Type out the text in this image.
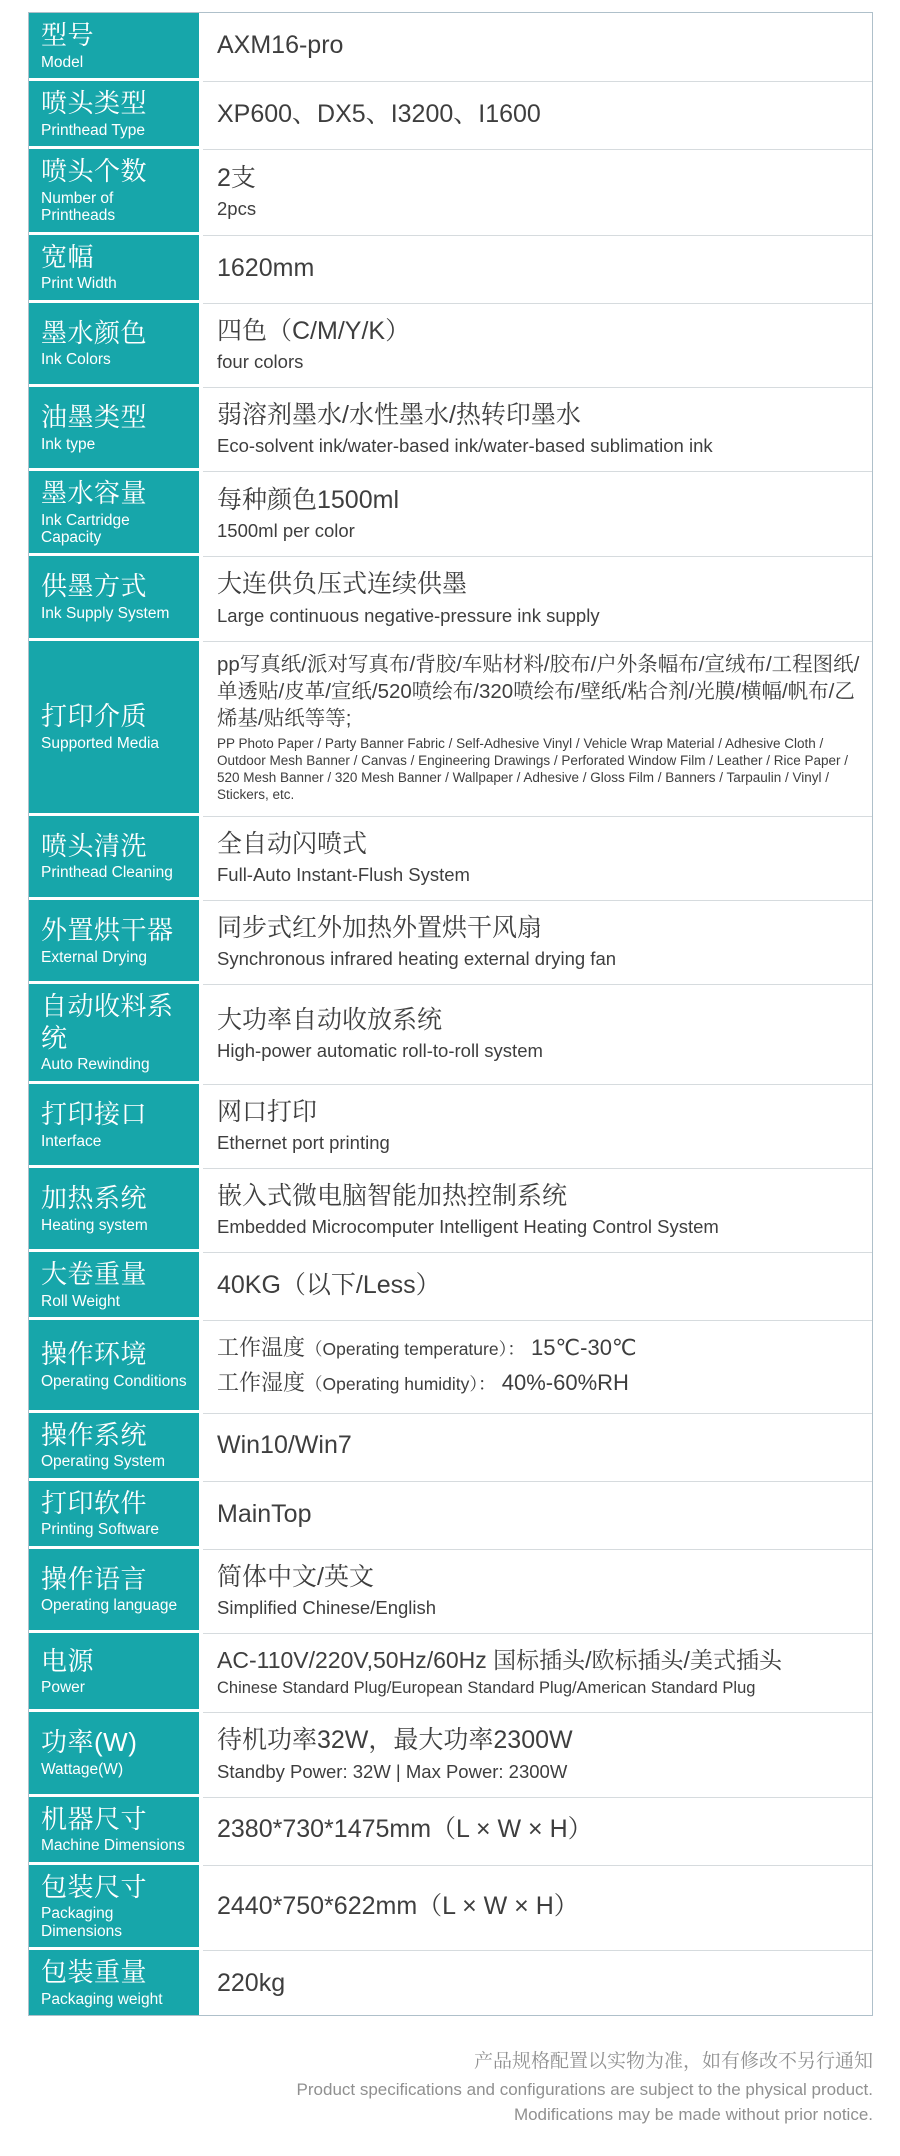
型号
Model
AXM16-pro
喷头类型
Printhead Type
XP600、DX5、I3200、I1600
喷头个数
Number of Printheads
2支
2pcs
宽幅
Print Width
1620mm
墨水颜色
Ink Colors
四色（C/M/Y/K）
four colors
油墨类型
Ink type
弱溶剂墨水/水性墨水/热转印墨水
Eco-solvent ink/water-based ink/water-based sublimation ink
墨水容量
Ink Cartridge Capacity
每种颜色1500ml
1500ml per color
供墨方式
Ink Supply System
大连供负压式连续供墨
Large continuous negative-pressure ink supply
打印介质
Supported Media
pp写真纸/派对写真布/背胶/车贴材料/胶布/户外条幅布/宣绒布/工程图纸/单透贴/皮革/宣纸/520喷绘布/320喷绘布/壁纸/粘合剂/光膜/横幅/帆布/乙烯基/贴纸等等;
PP Photo Paper / Party Banner Fabric / Self-Adhesive Vinyl / Vehicle Wrap Material / Adhesive Cloth / Outdoor Mesh Banner / Canvas / Engineering Drawings / Perforated Window Film / Leather / Rice Paper / 520 Mesh Banner / 320 Mesh Banner / Wallpaper / Adhesive / Gloss Film / Banners / Tarpaulin / Vinyl / Stickers, etc.
喷头清洗
Printhead Cleaning
全自动闪喷式
Full-Auto Instant-Flush System
外置烘干器
External Drying
同步式红外加热外置烘干风扇
Synchronous infrared heating external drying fan
自动收料系统
Auto Rewinding
大功率自动收放系统
High-power automatic roll-to-roll system
打印接口
Interface
网口打印
Ethernet port printing
加热系统
Heating system
嵌入式微电脑智能加热控制系统
Embedded Microcomputer Intelligent Heating Control System
大卷重量
Roll Weight
40KG（以下/Less）
操作环境
Operating Conditions
工作温度（Operating temperature）： 15℃-30℃
工作湿度（Operating humidity）： 40%-60%RH
操作系统
Operating System
Win10/Win7
打印软件
Printing Software
MainTop
操作语言
Operating language
简体中文/英文
Simplified Chinese/English
电源
Power
AC-110V/220V,50Hz/60Hz 国标插头/欧标插头/美式插头
Chinese Standard Plug/European Standard Plug/American Standard Plug
功率(W)
Wattage(W)
待机功率32W，最大功率2300W
Standby Power: 32W | Max Power: 2300W
机器尺寸
Machine Dimensions
2380*730*1475mm（L × W × H）
包装尺寸
Packaging Dimensions
2440*750*622mm（L × W × H）
包装重量
Packaging weight
220kg
产品规格配置以实物为准，如有修改不另行通知
Product specifications and configurations are subject to the physical product.
Modifications may be made without prior notice.
